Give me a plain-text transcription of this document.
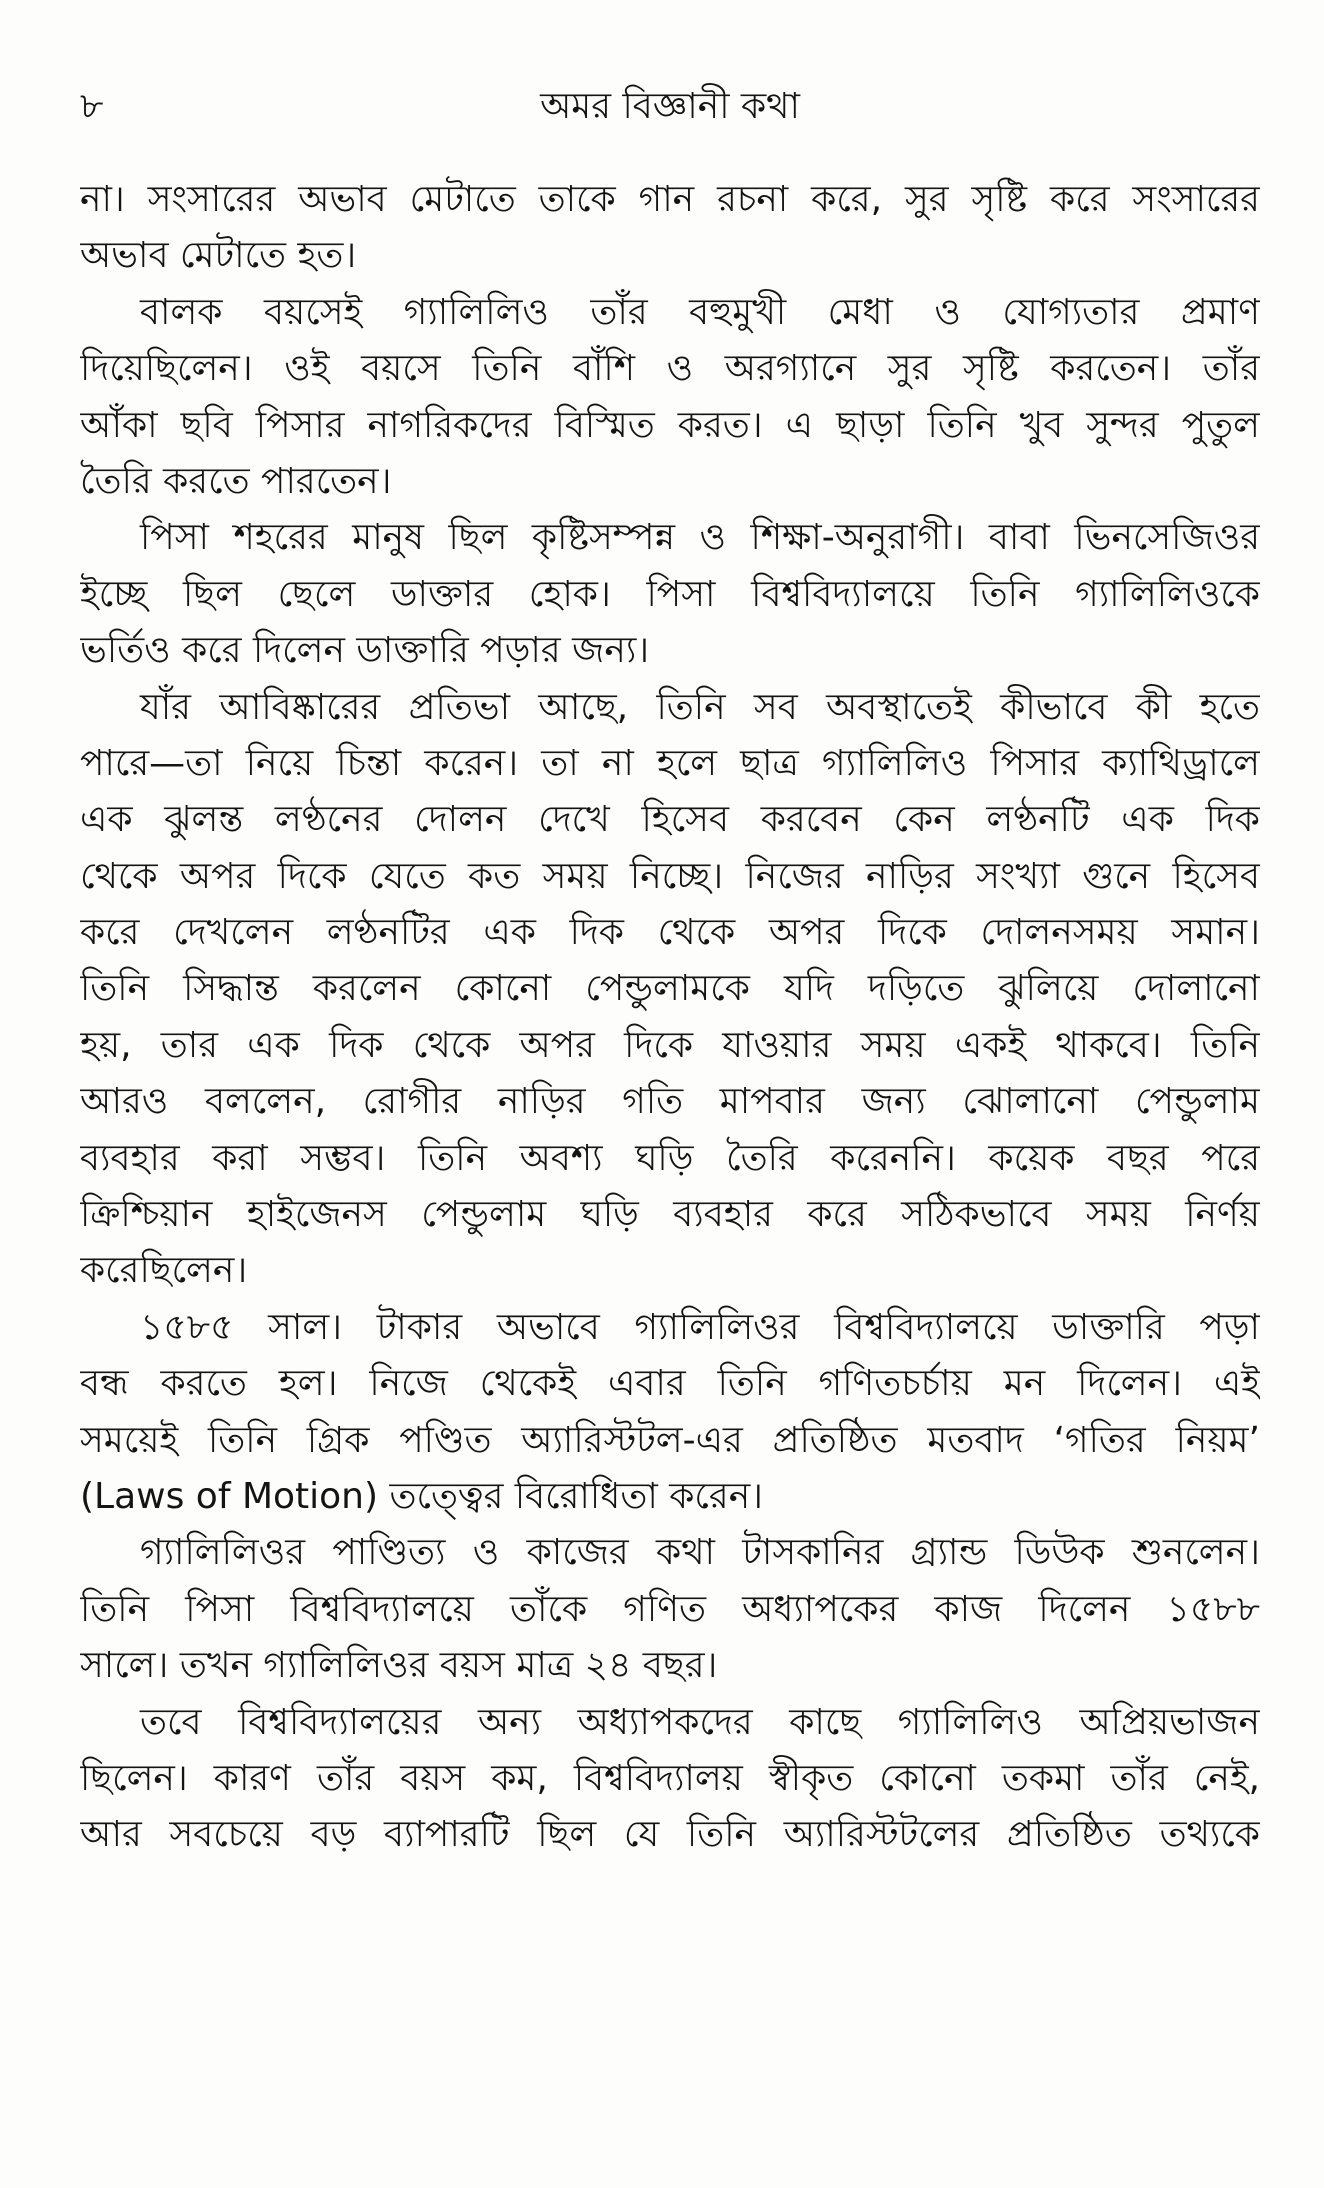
৮	অমর বিজ্ঞানী কথা
না। সংসারের অভাব মেটাতে তাকে গান রচনা করে, সুর সৃষ্টি করে সংসারের
অভাব মেটাতে হত।
বালক বয়সেই গ্যালিলিও তাঁর বহুমুখী মেধা ও যোগ্যতার প্রমাণ
দিয়েছিলেন। ওই বয়সে তিনি বাঁশি ও অরগ্যানে সুর সৃষ্টি করতেন। তাঁর
আঁকা ছবি পিসার নাগরিকদের বিস্মিত করত। এ ছাড়া তিনি খুব সুন্দর পুতুল
তৈরি করতে পারতেন।
পিসা শহরের মানুষ ছিল কৃষ্টিসম্পন্ন ও শিক্ষা-অনুরাগী। বাবা ভিনসেজিওর
ইচ্ছে ছিল ছেলে ডাক্তার হোক। পিসা বিশ্ববিদ্যালয়ে তিনি গ্যালিলিওকে
ভর্তিও করে দিলেন ডাক্তারি পড়ার জন্য।
যাঁর আবিষ্কারের প্রতিভা আছে, তিনি সব অবস্থাতেই কীভাবে কী হতে
পারে—তা নিয়ে চিন্তা করেন। তা না হলে ছাত্র গ্যালিলিও পিসার ক্যাথিড্রালে
এক ঝুলন্ত লণ্ঠনের দোলন দেখে হিসেব করবেন কেন লণ্ঠনটি এক দিক
থেকে অপর দিকে যেতে কত সময় নিচ্ছে। নিজের নাড়ির সংখ্যা গুনে হিসেব
করে দেখলেন লণ্ঠনটির এক দিক থেকে অপর দিকে দোলনসময় সমান।
তিনি সিদ্ধান্ত করলেন কোনো পেন্ডুলামকে যদি দড়িতে ঝুলিয়ে দোলানো
হয়, তার এক দিক থেকে অপর দিকে যাওয়ার সময় একই থাকবে। তিনি
আরও বললেন, রোগীর নাড়ির গতি মাপবার জন্য ঝোলানো পেন্ডুলাম
ব্যবহার করা সম্ভব। তিনি অবশ্য ঘড়ি তৈরি করেননি। কয়েক বছর পরে
ক্রিশ্চিয়ান হাইজেনস পেন্ডুলাম ঘড়ি ব্যবহার করে সঠিকভাবে সময় নির্ণয়
করেছিলেন।
১৫৮৫ সাল। টাকার অভাবে গ্যালিলিওর বিশ্ববিদ্যালয়ে ডাক্তারি পড়া
বন্ধ করতে হল। নিজে থেকেই এবার তিনি গণিতচর্চায় মন দিলেন। এই
সময়েই তিনি গ্রিক পণ্ডিত অ্যারিস্টটল-এর প্রতিষ্ঠিত মতবাদ ‘গতির নিয়ম’
(Laws of Motion) তত্ত্বের বিরোধিতা করেন।
গ্যালিলিওর পাণ্ডিত্য ও কাজের কথা টাসকানির গ্র্যান্ড ডিউক শুনলেন।
তিনি পিসা বিশ্ববিদ্যালয়ে তাঁকে গণিত অধ্যাপকের কাজ দিলেন ১৫৮৮
সালে। তখন গ্যালিলিওর বয়স মাত্র ২৪ বছর।
তবে বিশ্ববিদ্যালয়ের অন্য অধ্যাপকদের কাছে গ্যালিলিও অপ্রিয়ভাজন
ছিলেন। কারণ তাঁর বয়স কম, বিশ্ববিদ্যালয় স্বীকৃত কোনো তকমা তাঁর নেই,
আর সবচেয়ে বড় ব্যাপারটি ছিল যে তিনি অ্যারিস্টটলের প্রতিষ্ঠিত তথ্যকে
